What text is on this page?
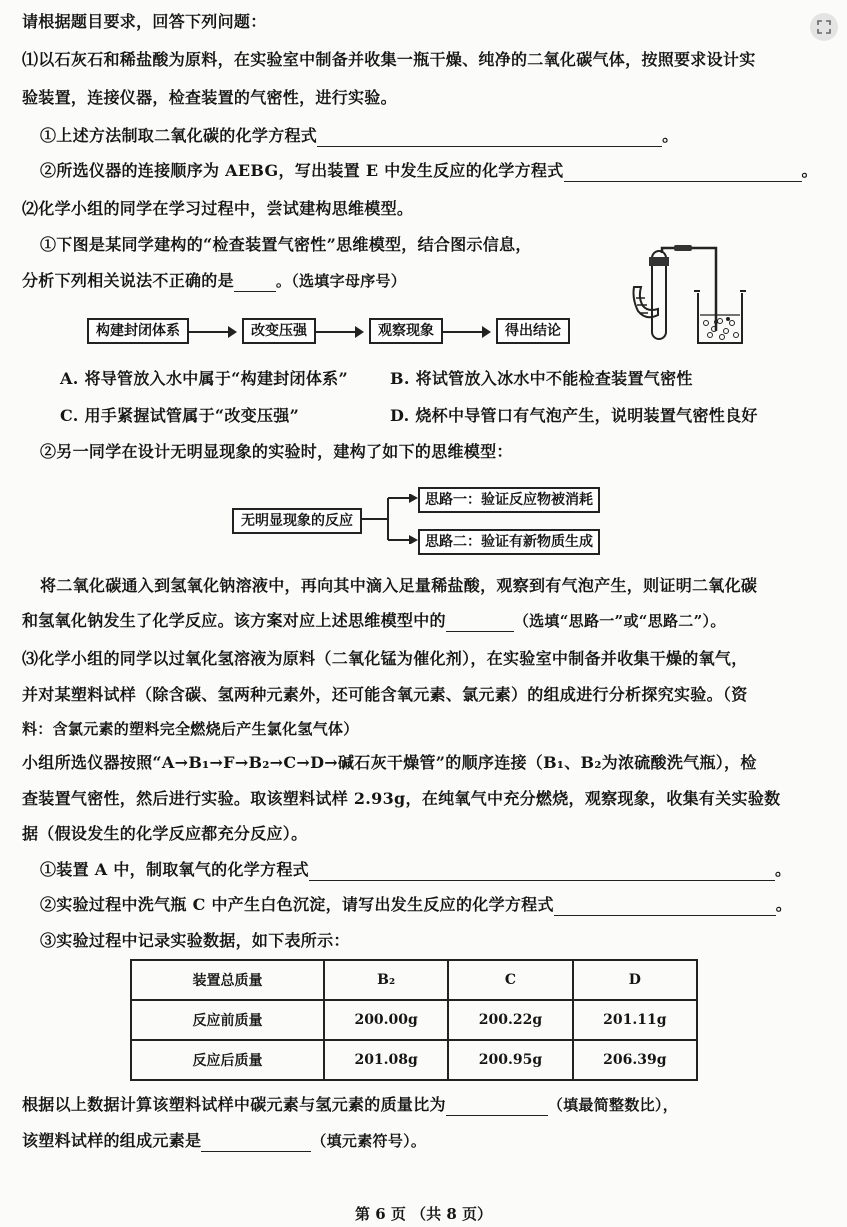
请根据题目要求，回答下列问题：
⑴以石灰石和稀盐酸为原料，在实验室中制备并收集一瓶干燥、纯净的二氧化碳气体，按照要求设计实
验装置，连接仪器，检查装置的气密性，进行实验。
①上述方法制取二氧化碳的化学方程式	。
②所选仪器的连接顺序为 AEBG，写出装置 E 中发生反应的化学方程式	。
⑵化学小组的同学在学习过程中，尝试建构思维模型。
①下图是某同学建构的“检查装置气密性”思维模型，结合图示信息，
分析下列相关说法不正确的是	。（选填字母序号）
构建封闭体系	改变压强	观察现象	得出结论
A. 将导管放入水中属于“构建封闭体系”	B. 将试管放入冰水中不能检查装置气密性
C. 用手紧握试管属于“改变压强”	D. 烧杯中导管口有气泡产生，说明装置气密性良好
②另一同学在设计无明显现象的实验时，建构了如下的思维模型：
无明显现象的反应
思路一：验证反应物被消耗
思路二：验证有新物质生成
将二氧化碳通入到氢氧化钠溶液中，再向其中滴入足量稀盐酸，观察到有气泡产生，则证明二氧化碳
和氢氧化钠发生了化学反应。该方案对应上述思维模型中的	（选填“思路一”或“思路二”）。
⑶化学小组的同学以过氧化氢溶液为原料（二氧化锰为催化剂），在实验室中制备并收集干燥的氧气，
并对某塑料试样（除含碳、氢两种元素外，还可能含氧元素、氯元素）的组成进行分析探究实验。（资
料：含氯元素的塑料完全燃烧后产生氯化氢气体）
小组所选仪器按照“A→B₁→F→B₂→C→D→碱石灰干燥管”的顺序连接（B₁、B₂为浓硫酸洗气瓶），检
查装置气密性，然后进行实验。取该塑料试样 2.93g，在纯氧气中充分燃烧，观察现象，收集有关实验数
据（假设发生的化学反应都充分反应）。
①装置 A 中，制取氧气的化学方程式	。
②实验过程中洗气瓶 C 中产生白色沉淀，请写出发生反应的化学方程式	。
③实验过程中记录实验数据，如下表所示：
装置总质量	B₂	C	D
反应前质量	200.00g	200.22g	201.11g
反应后质量	201.08g	200.95g	206.39g
根据以上数据计算该塑料试样中碳元素与氢元素的质量比为	（填最简整数比），
该塑料试样的组成元素是	（填元素符号）。
第 6 页 （共 8 页）
